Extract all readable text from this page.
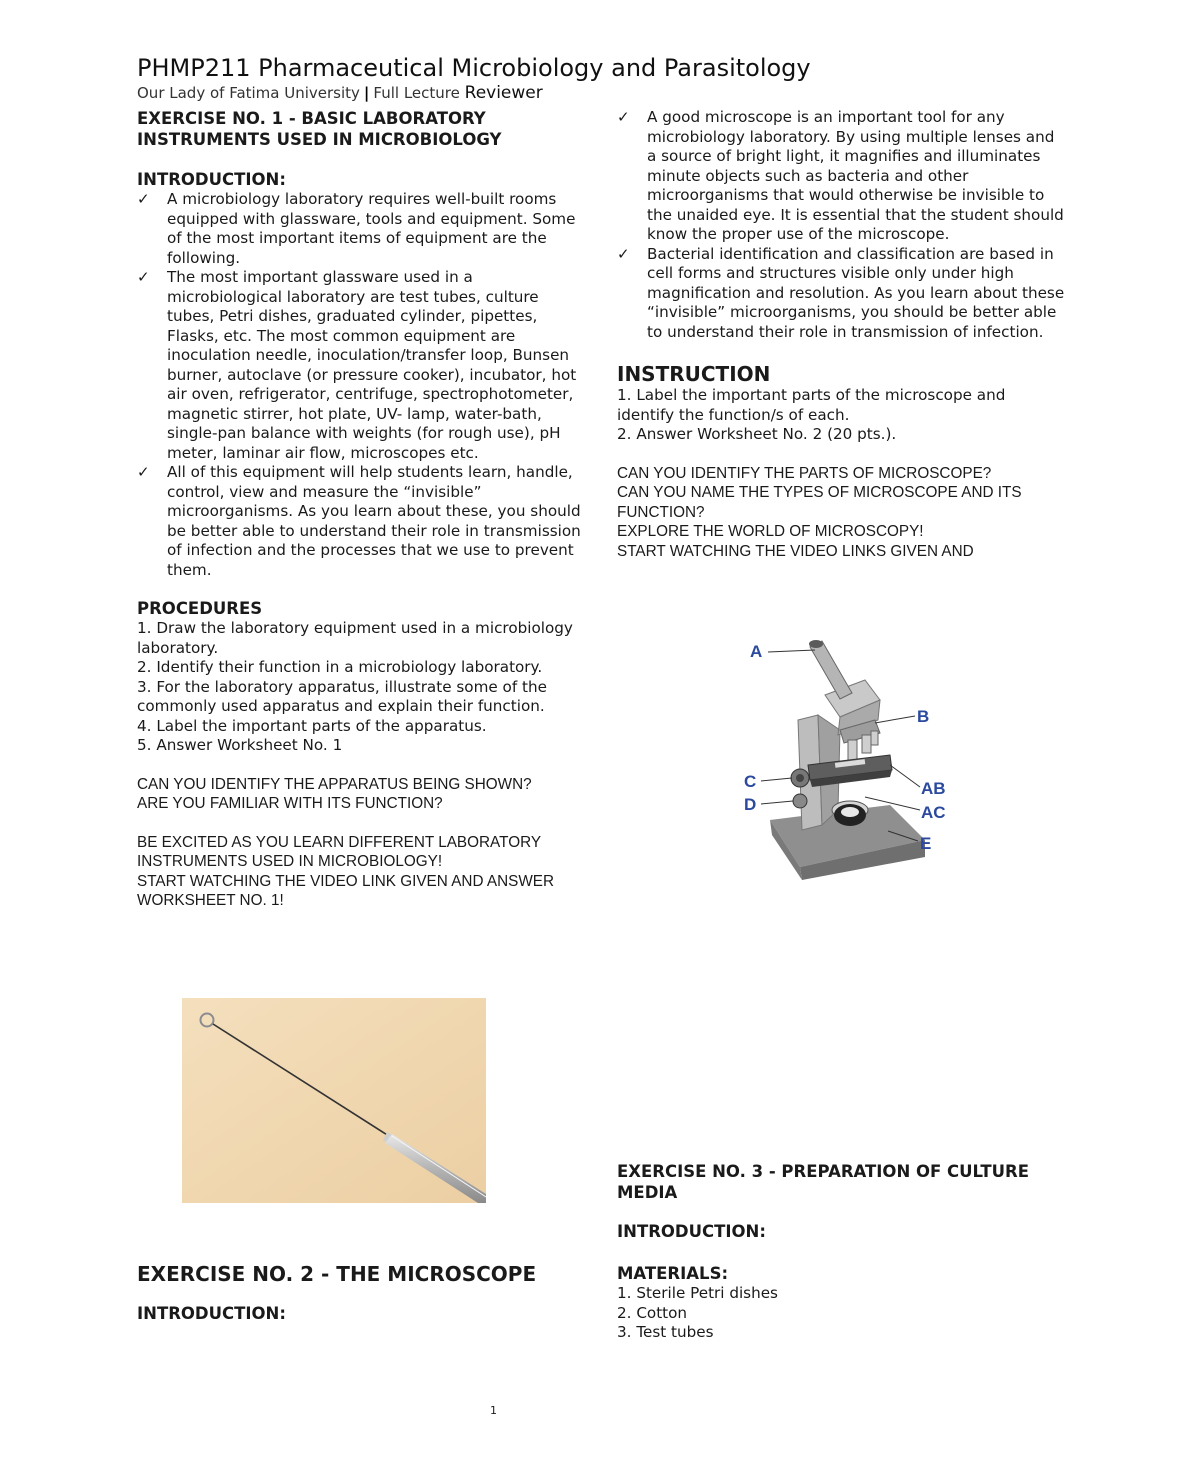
PHMP211 Pharmaceutical Microbiology and Parasitology
Our Lady of Fatima University | Full Lecture Reviewer

EXERCISE NO. 1 - BASIC LABORATORY INSTRUMENTS USED IN MICROBIOLOGY

INTRODUCTION:

✓ A microbiology laboratory requires well-built rooms equipped with glassware, tools and equipment. Some of the most important items of equipment are the following.
✓ The most important glassware used in a microbiological laboratory are test tubes, culture tubes, Petri dishes, graduated cylinder, pipettes, Flasks, etc. The most common equipment are inoculation needle, inoculation/transfer loop, Bunsen burner, autoclave (or pressure cooker), incubator, hot air oven, refrigerator, centrifuge, spectrophotometer, magnetic stirrer, hot plate, UV- lamp, water-bath, single-pan balance with weights (for rough use), pH meter, laminar air flow, microscopes etc.
✓ All of this equipment will help students learn, handle, control, view and measure the “invisible” microorganisms. As you learn about these, you should be better able to understand their role in transmission of infection and the processes that we use to prevent them.

PROCEDURES

1. Draw the laboratory equipment used in a microbiology laboratory.

2. Identify their function in a microbiology laboratory.

3. For the laboratory apparatus, illustrate some of the commonly used apparatus and explain their function.

4. Label the important parts of the apparatus.

5. Answer Worksheet No. 1

CAN YOU IDENTIFY THE APPARATUS BEING SHOWN?

ARE YOU FAMILIAR WITH ITS FUNCTION?

BE EXCITED AS YOU LEARN DIFFERENT LABORATORY INSTRUMENTS USED IN MICROBIOLOGY!

START WATCHING THE VIDEO LINK GIVEN AND ANSWER WORKSHEET NO. 1!

EXERCISE NO. 2 - THE MICROSCOPE

INTRODUCTION:

✓ A good microscope is an important tool for any microbiology laboratory. By using multiple lenses and a source of bright light, it magnifies and illuminates minute objects such as bacteria and other microorganisms that would otherwise be invisible to the unaided eye. It is essential that the student should know the proper use of the microscope.
✓ Bacterial identification and classification are based in cell forms and structures visible only under high magnification and resolution. As you learn about these “invisible” microorganisms, you should be better able to understand their role in transmission of infection.

INSTRUCTION

1. Label the important parts of the microscope and identify the function/s of each.

2. Answer Worksheet No. 2 (20 pts.).

CAN YOU IDENTIFY THE PARTS OF MICROSCOPE?

CAN YOU NAME THE TYPES OF MICROSCOPE AND ITS FUNCTION?

EXPLORE THE WORLD OF MICROSCOPY!

START WATCHING THE VIDEO LINKS GIVEN AND

A
B
C
D
AB
AC
E

EXERCISE NO. 3 - PREPARATION OF CULTURE MEDIA

INTRODUCTION:

MATERIALS:

1. Sterile Petri dishes

2. Cotton

3. Test tubes

1
